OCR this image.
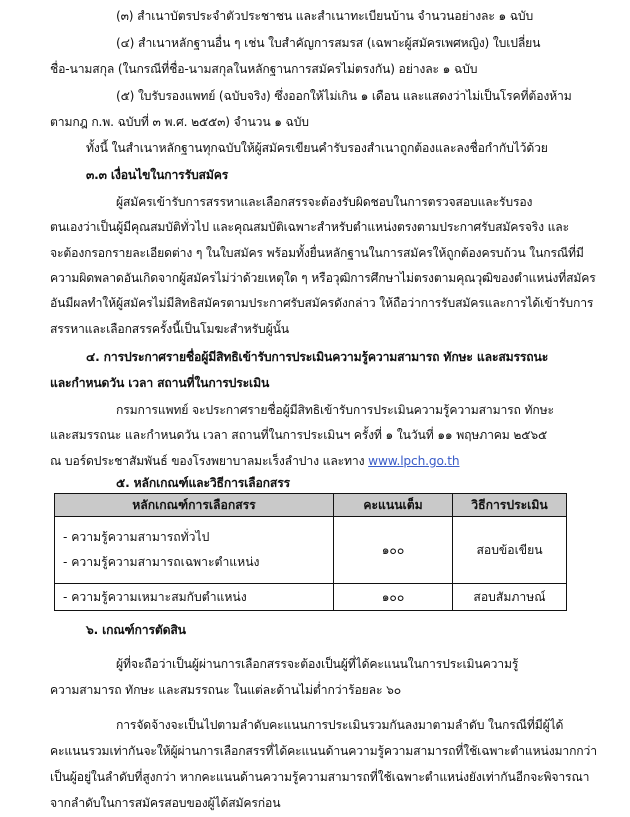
(๓) สำเนาบัตรประจำตัวประชาชน และสำเนาทะเบียนบ้าน จำนวนอย่างละ ๑ ฉบับ
(๔) สำเนาหลักฐานอื่น ๆ เช่น ใบสำคัญการสมรส (เฉพาะผู้สมัครเพศหญิง) ใบเปลี่ยน
ชื่อ-นามสกุล (ในกรณีที่ชื่อ-นามสกุลในหลักฐานการสมัครไม่ตรงกัน) อย่างละ ๑ ฉบับ
(๕) ใบรับรองแพทย์ (ฉบับจริง) ซึ่งออกให้ไม่เกิน ๑ เดือน และแสดงว่าไม่เป็นโรคที่ต้องห้าม
ตามกฎ ก.พ. ฉบับที่ ๓ พ.ศ. ๒๕๕๓) จำนวน ๑ ฉบับ
ทั้งนี้ ในสำเนาหลักฐานทุกฉบับให้ผู้สมัครเขียนคำรับรองสำเนาถูกต้องและลงชื่อกำกับไว้ด้วย
๓.๓ เงื่อนไขในการรับสมัคร
ผู้สมัครเข้ารับการสรรหาและเลือกสรรจะต้องรับผิดชอบในการตรวจสอบและรับรอง
ตนเองว่าเป็นผู้มีคุณสมบัติทั่วไป และคุณสมบัติเฉพาะสำหรับตำแหน่งตรงตามประกาศรับสมัครจริง และ
จะต้องกรอกรายละเอียดต่าง ๆ ในใบสมัคร พร้อมทั้งยื่นหลักฐานในการสมัครให้ถูกต้องครบถ้วน ในกรณีที่มี
ความผิดพลาดอันเกิดจากผู้สมัครไม่ว่าด้วยเหตุใด ๆ หรือวุฒิการศึกษาไม่ตรงตามคุณวุฒิของตำแหน่งที่สมัคร
อันมีผลทำให้ผู้สมัครไม่มีสิทธิสมัครตามประกาศรับสมัครดังกล่าว ให้ถือว่าการรับสมัครและการได้เข้ารับการ
สรรหาและเลือกสรรครั้งนี้เป็นโมฆะสำหรับผู้นั้น
๔. การประกาศรายชื่อผู้มีสิทธิเข้ารับการประเมินความรู้ความสามารถ ทักษะ และสมรรถนะ
และกำหนดวัน เวลา สถานที่ในการประเมิน
กรมการแพทย์ จะประกาศรายชื่อผู้มีสิทธิเข้ารับการประเมินความรู้ความสามารถ ทักษะ
และสมรรถนะ และกำหนดวัน เวลา สถานที่ในการประเมินฯ ครั้งที่ ๑ ในวันที่ ๑๑ พฤษภาคม ๒๕๖๕
ณ บอร์ดประชาสัมพันธ์ ของโรงพยาบาลมะเร็งลำปาง และทาง www.lpch.go.th
๕. หลักเกณฑ์และวิธีการเลือกสรร
หลักเกณฑ์การเลือกสรร	คะแนนเต็ม	วิธีการประเมิน

- ความรู้ความสามารถทั่วไป
- ความรู้ความสามารถเฉพาะตำแหน่ง	๑๐๐	สอบข้อเขียน
- ความรู้ความเหมาะสมกับตำแหน่ง	๑๐๐	สอบสัมภาษณ์
๖. เกณฑ์การตัดสิน
ผู้ที่จะถือว่าเป็นผู้ผ่านการเลือกสรรจะต้องเป็นผู้ที่ได้คะแนนในการประเมินความรู้
ความสามารถ ทักษะ และสมรรถนะ ในแต่ละด้านไม่ต่ำกว่าร้อยละ ๖๐
การจัดจ้างจะเป็นไปตามลำดับคะแนนการประเมินรวมกันลงมาตามลำดับ ในกรณีที่มีผู้ได้
คะแนนรวมเท่ากันจะให้ผู้ผ่านการเลือกสรรที่ได้คะแนนด้านความรู้ความสามารถที่ใช้เฉพาะตำแหน่งมากกว่า
เป็นผู้อยู่ในลำดับที่สูงกว่า หากคะแนนด้านความรู้ความสามารถที่ใช้เฉพาะตำแหน่งยังเท่ากันอีกจะพิจารณา
จากลำดับในการสมัครสอบของผู้ได้สมัครก่อน
